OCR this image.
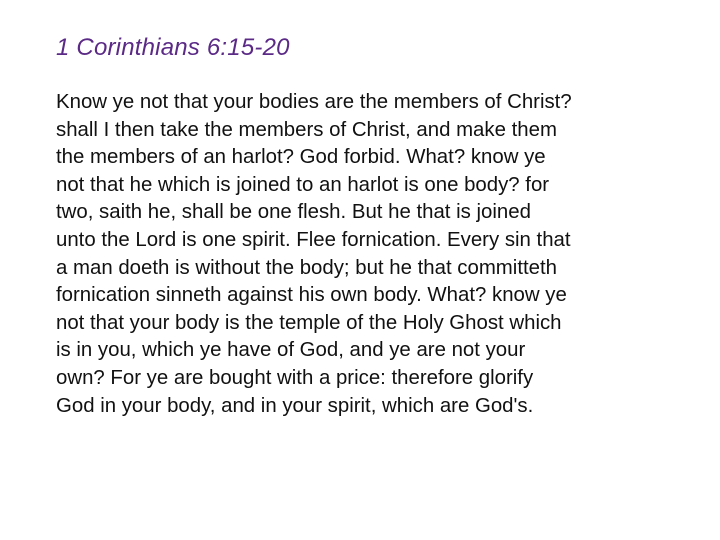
1 Corinthians 6:15-20

Know ye not that your bodies are the members of Christ?
shall I then take the members of Christ, and make them
the members of an harlot? God forbid. What? know ye
not that he which is joined to an harlot is one body? for
two, saith he, shall be one flesh. But he that is joined
unto the Lord is one spirit. Flee fornication. Every sin that
a man doeth is without the body; but he that committeth
fornication sinneth against his own body. What? know ye
not that your body is the temple of the Holy Ghost which
is in you, which ye have of God, and ye are not your
own? For ye are bought with a price: therefore glorify
God in your body, and in your spirit, which are God's.
